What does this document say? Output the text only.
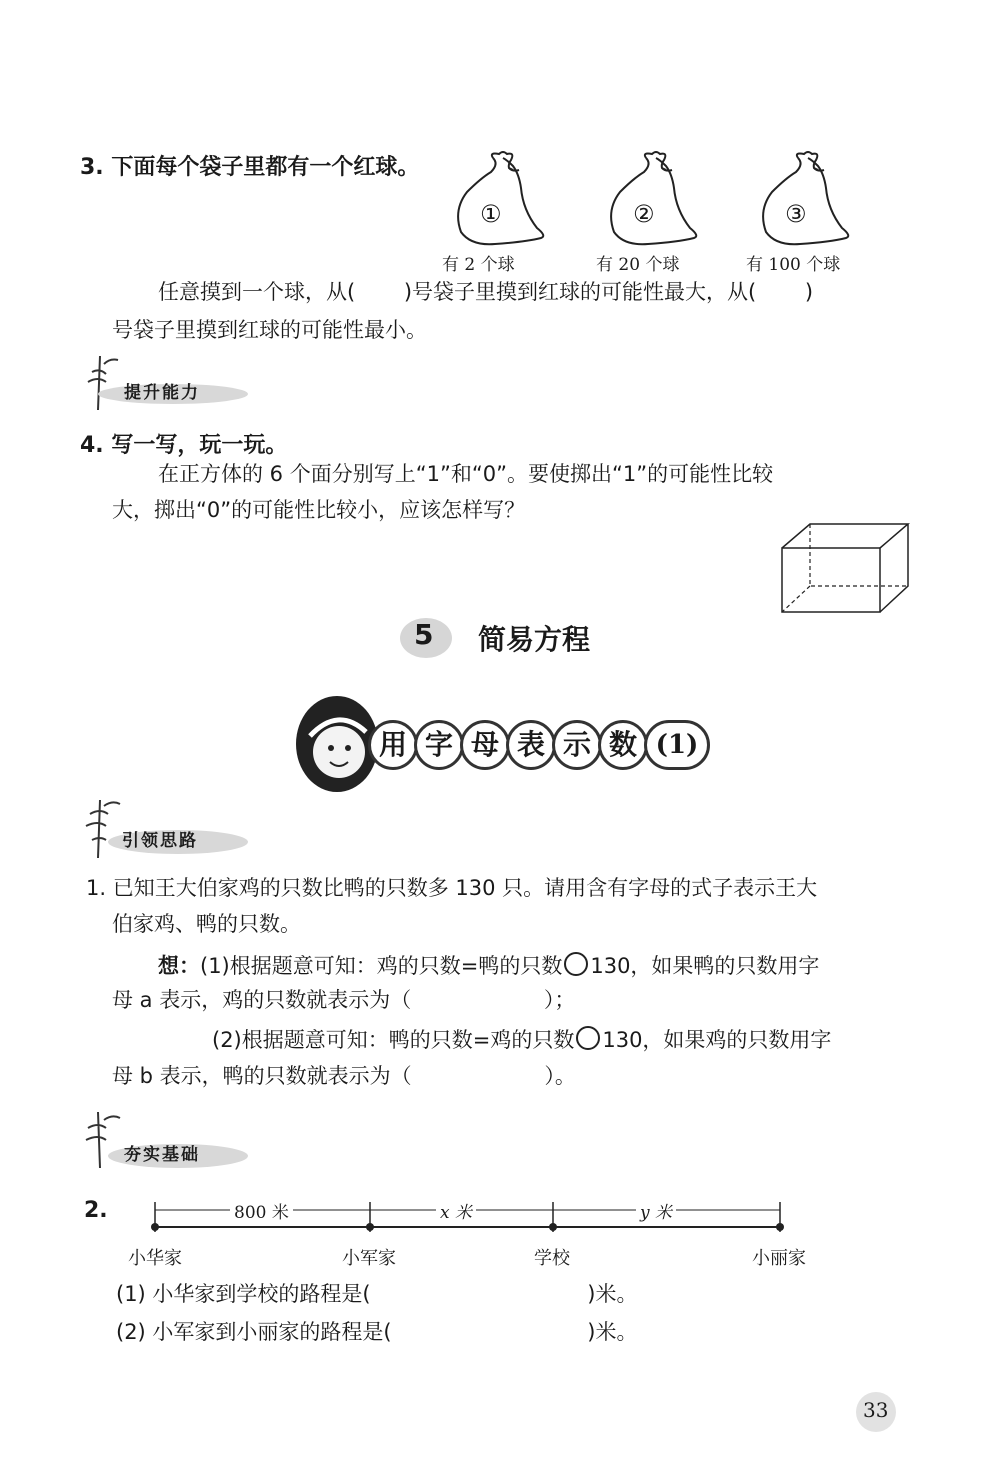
3. 下面每个袋子里都有一个红球。
①	②	③
有 2 个球	有 20 个球	有 100 个球
任意摸到一个球，从(　　 )号袋子里摸到红球的可能性最大，从(　　 )
号袋子里摸到红球的可能性最小。
提升能力
4. 写一写，玩一玩。
在正方体的 6 个面分别写上“1”和“0”。要使掷出“1”的可能性比较
大，掷出“0”的可能性比较小，应该怎样写？
5 简易方程
用 字 母 表 示 数 (1)
引领思路
1. 已知王大伯家鸡的只数比鸭的只数多 130 只。请用含有字母的式子表示王大
伯家鸡、鸭的只数。
想：(1)根据题意可知：鸡的只数=鸭的只数 130，如果鸭的只数用字
母 a 表示，鸡的只数就表示为（　　　　　　 ）；
(2)根据题意可知：鸭的只数=鸡的只数 130，如果鸡的只数用字
母 b 表示，鸭的只数就表示为（　　　　　　 ）。
夯实基础
2.	800 米	x 米	y 米
小华家	小军家	学校	小丽家
(1) 小华家到学校的路程是(　　　　　　　　　　 )米。
(2) 小军家到小丽家的路程是(　　　　　　　　　 )米。
33
